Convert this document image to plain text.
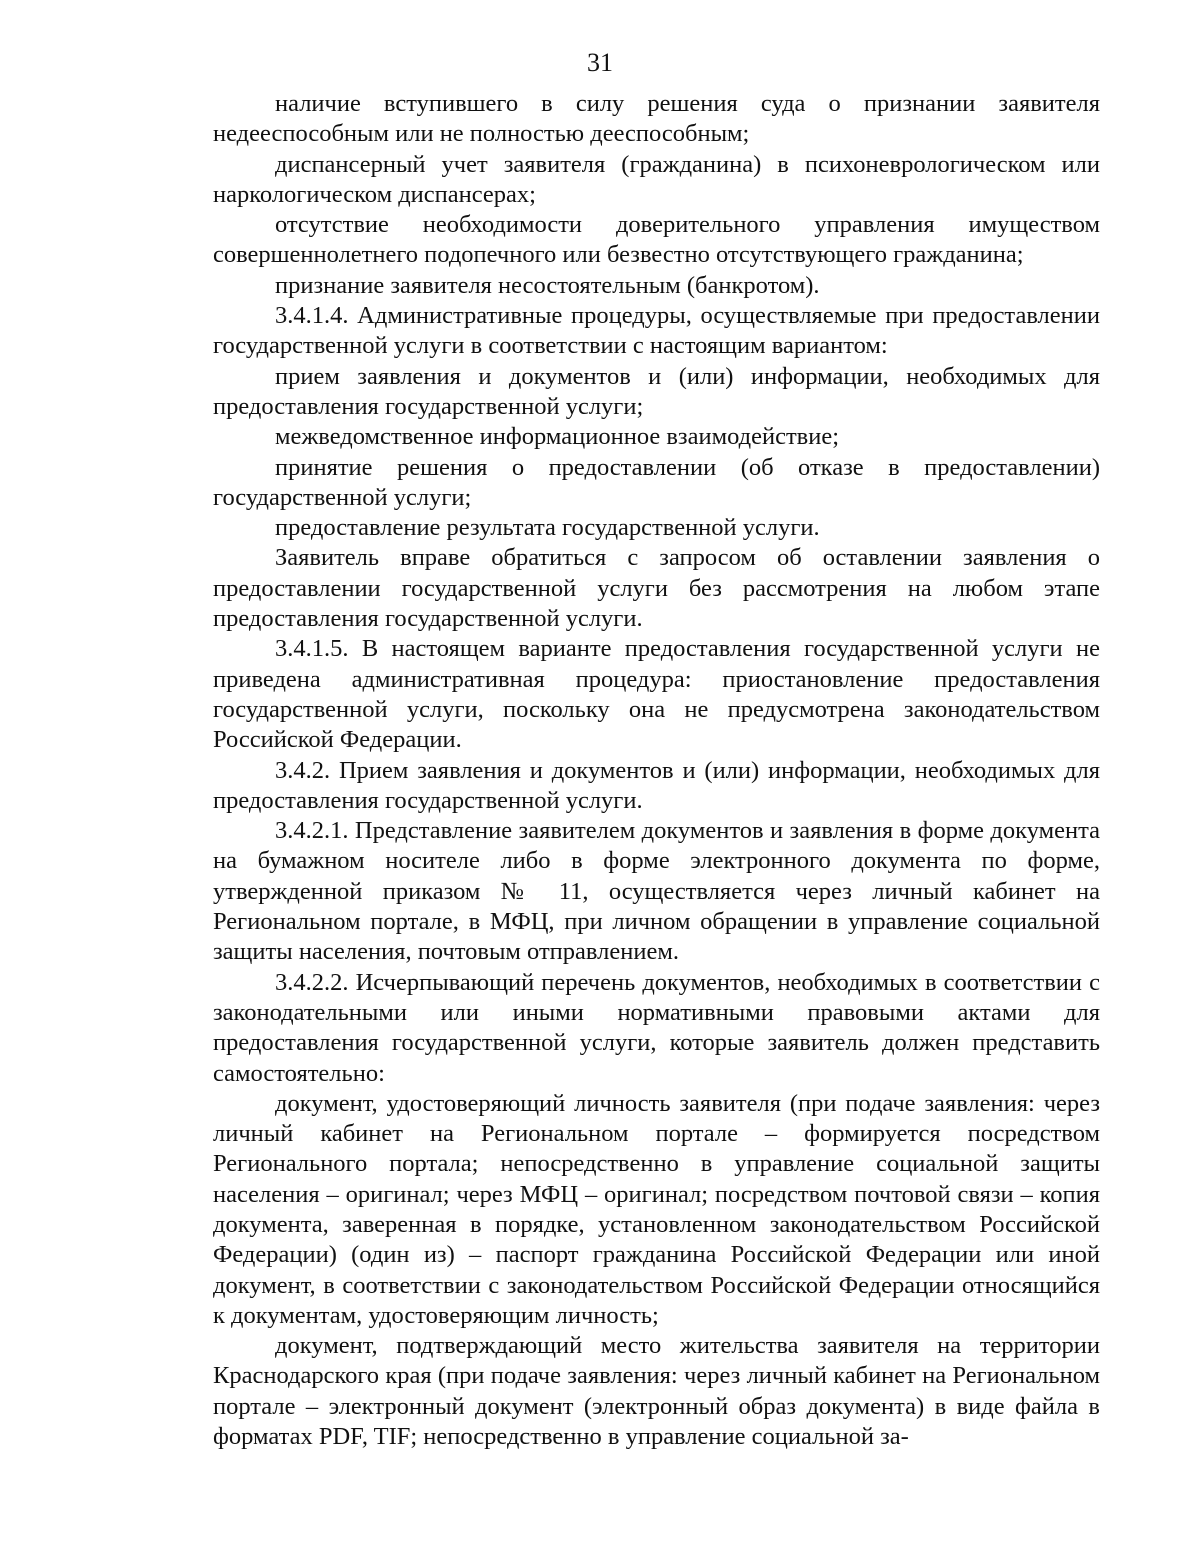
31

наличие вступившего в силу решения суда о признании заявителя недееспособным или не полностью дееспособным;

диспансерный учет заявителя (гражданина) в психоневрологическом или наркологическом диспансерах;

отсутствие необходимости доверительного управления имуществом совершеннолетнего подопечного или безвестно отсутствующего гражданина;

признание заявителя несостоятельным (банкротом).

3.4.1.4. Административные процедуры, осуществляемые при предоставлении государственной услуги в соответствии с настоящим вариантом:

прием заявления и документов и (или) информации, необходимых для предоставления государственной услуги;

межведомственное информационное взаимодействие;

принятие решения о предоставлении (об отказе в предоставлении) государственной услуги;

предоставление результата государственной услуги.

Заявитель вправе обратиться с запросом об оставлении заявления о предоставлении государственной услуги без рассмотрения на любом этапе предоставления государственной услуги.

3.4.1.5. В настоящем варианте предоставления государственной услуги не приведена административная процедура: приостановление предоставления государственной услуги, поскольку она не предусмотрена законодательством Российской Федерации.

3.4.2. Прием заявления и документов и (или) информации, необходимых для предоставления государственной услуги.

3.4.2.1. Представление заявителем документов и заявления в форме документа на бумажном носителе либо в форме электронного документа по форме, утвержденной приказом № 11, осуществляется через личный кабинет на Региональном портале, в МФЦ, при личном обращении в управление социальной защиты населения, почтовым отправлением.

3.4.2.2. Исчерпывающий перечень документов, необходимых в соответствии с законодательными или иными нормативными правовыми актами для предоставления государственной услуги, которые заявитель должен представить самостоятельно:

документ, удостоверяющий личность заявителя (при подаче заявления: через личный кабинет на Региональном портале – формируется посредством Регионального портала; непосредственно в управление социальной защиты населения – оригинал; через МФЦ – оригинал; посредством почтовой связи – копия документа, заверенная в порядке, установленном законодательством Российской Федерации) (один из) – паспорт гражданина Российской Федерации или иной документ, в соответствии с законодательством Российской Федерации относящийся к документам, удостоверяющим личность;

документ, подтверждающий место жительства заявителя на территории Краснодарского края (при подаче заявления: через личный кабинет на Региональном портале – электронный документ (электронный образ документа) в виде файла в форматах PDF, TIF; непосредственно в управление социальной за-
